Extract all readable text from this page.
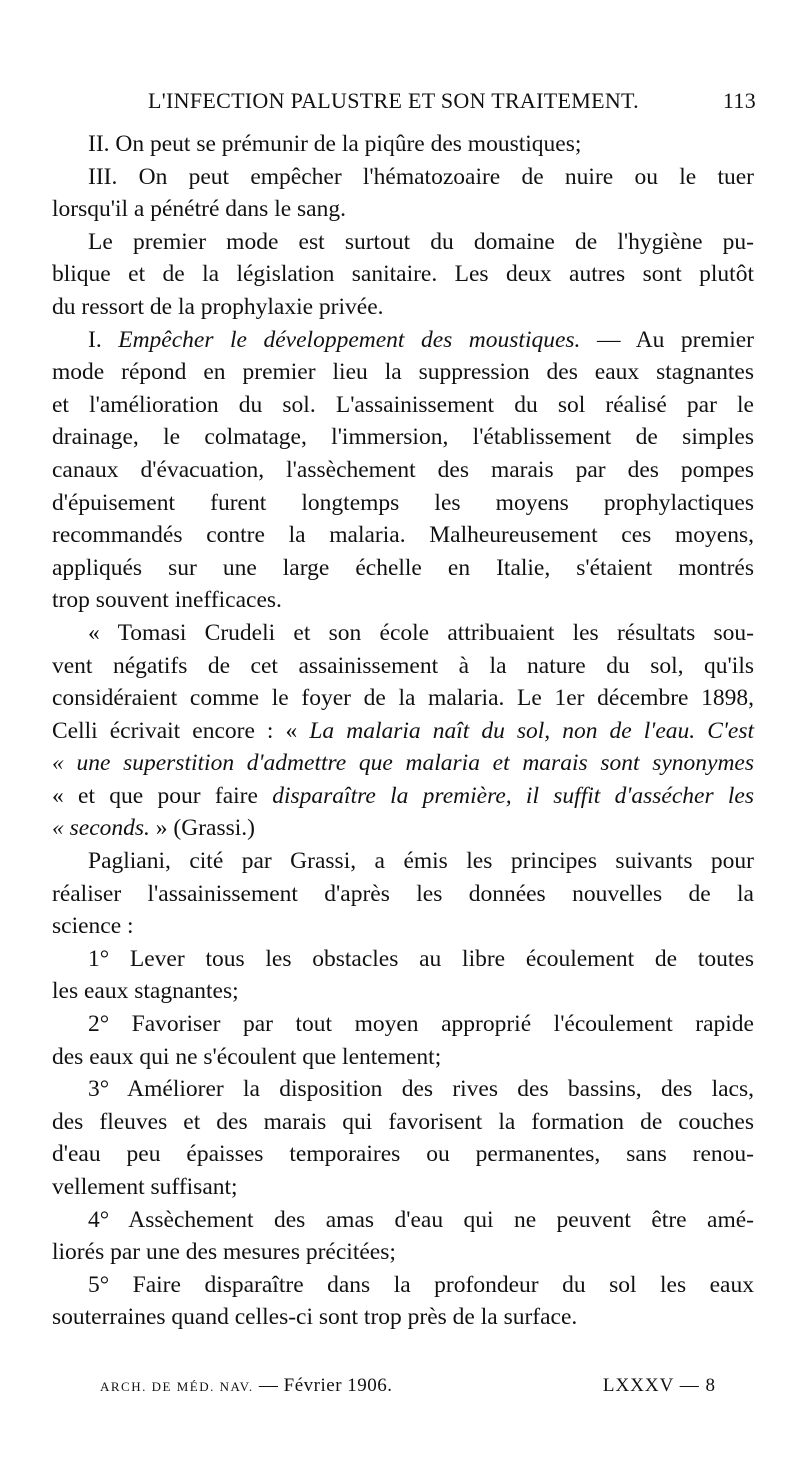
L'INFECTION PALUSTRE ET SON TRAITEMENT.	113
II. On peut se prémunir de la piqûre des moustiques;
III. On peut empêcher l'hématozoaire de nuire ou le tuer
lorsqu'il a pénétré dans le sang.
Le premier mode est surtout du domaine de l'hygiène pu-
blique et de la législation sanitaire. Les deux autres sont plutôt
du ressort de la prophylaxie privée.
I. Empêcher le développement des moustiques. — Au premier
mode répond en premier lieu la suppression des eaux stagnantes
et l'amélioration du sol. L'assainissement du sol réalisé par le
drainage, le colmatage, l'immersion, l'établissement de simples
canaux d'évacuation, l'assèchement des marais par des pompes
d'épuisement furent longtemps les moyens prophylactiques
recommandés contre la malaria. Malheureusement ces moyens,
appliqués sur une large échelle en Italie, s'étaient montrés
trop souvent inefficaces.
« Tomasi Crudeli et son école attribuaient les résultats sou-
vent négatifs de cet assainissement à la nature du sol, qu'ils
considéraient comme le foyer de la malaria. Le 1er décembre 1898,
Celli écrivait encore : « La malaria naît du sol, non de l'eau. C'est
« une superstition d'admettre que malaria et marais sont synonymes
« et que pour faire disparaître la première, il suffit d'assécher les
« seconds. » (Grassi.)
Pagliani, cité par Grassi, a émis les principes suivants pour
réaliser l'assainissement d'après les données nouvelles de la
science :
1° Lever tous les obstacles au libre écoulement de toutes
les eaux stagnantes;
2° Favoriser par tout moyen approprié l'écoulement rapide
des eaux qui ne s'écoulent que lentement;
3° Améliorer la disposition des rives des bassins, des lacs,
des fleuves et des marais qui favorisent la formation de couches
d'eau peu épaisses temporaires ou permanentes, sans renou-
vellement suffisant;
4° Assèchement des amas d'eau qui ne peuvent être amé-
liorés par une des mesures précitées;
5° Faire disparaître dans la profondeur du sol les eaux
souterraines quand celles-ci sont trop près de la surface.
ARCH. DE MÉD. NAV. — Février 1906.	LXXXV — 8
